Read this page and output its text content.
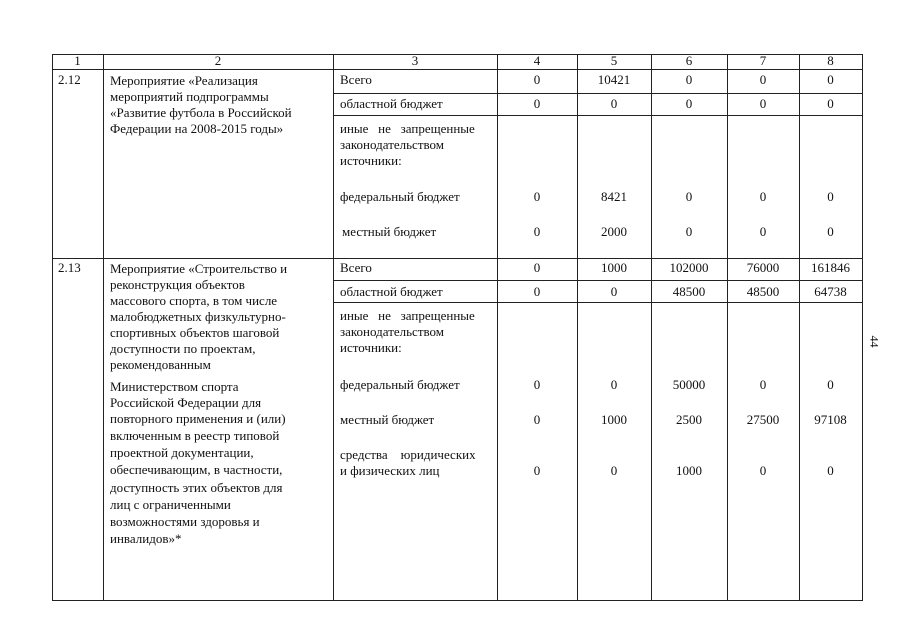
1	2	3	4	5	6	7	8
2.12 Мероприятие «Реализация
мероприятий подпрограммы
«Развитие футбола в Российской
Федерации на 2008-2015 годы»
Всего	0	10421	0	0	0
областной бюджет	0	0	0	0	0
иные   не   запрещенные
законодательством
источники:
федеральный бюджет	0	8421	0	0	0
местный бюджет	0	2000	0	0	0
2.13 Мероприятие «Строительство и
реконструкция объектов
массового спорта, в том числе
малобюджетных физкультурно-
спортивных объектов шаговой
доступности по проектам,
рекомендованным
Министерством спорта
Российской Федерации для
повторного применения и (или)
включенным в реестр типовой
проектной документации,
обеспечивающим, в частности,
доступность этих объектов для
лиц с ограниченными
возможностями здоровья и
инвалидов»*
Всего	0	1000	102000	76000	161846
областной бюджет	0	0	48500	48500	64738
иные   не   запрещенные
законодательством
источники:
федеральный бюджет	0	0	50000	0	0
местный бюджет	0	1000	2500	27500	97108
средства    юридических
и физических лиц	0	0	1000	0	0
44
